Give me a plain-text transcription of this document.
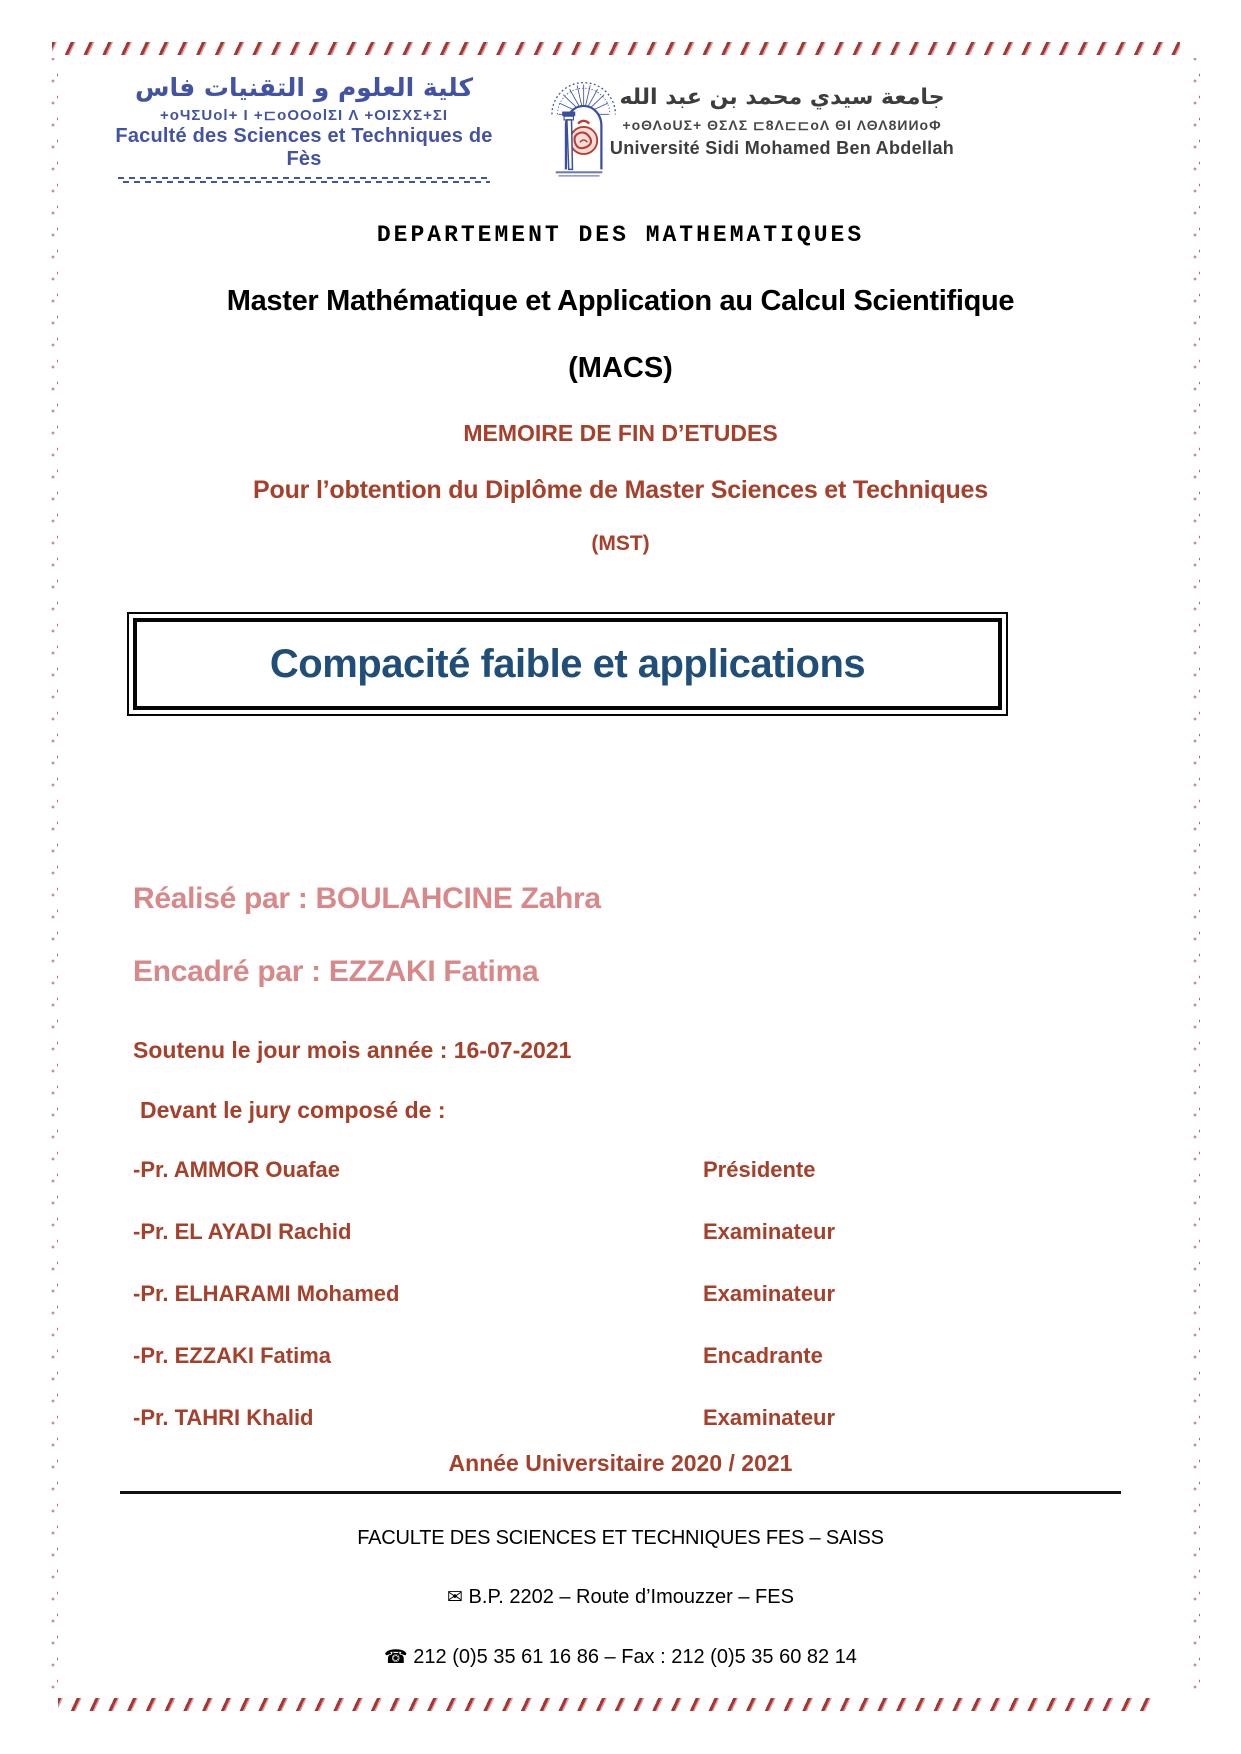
كلية العلوم و التقنيات فاس
+oЧΣUol+ I +⊏oOOolΣI Λ +OIΣXΣ+ΣI
Faculté des Sciences et Techniques de Fès
جامعة سيدي محمد بن عبد الله
+oΘΛoUΣ+ ΘΣΛΣ ⊏8Λ⊏⊏oΛ ΘI ΛΘΛ8ИИoΦ
Université Sidi Mohamed Ben Abdellah
DEPARTEMENT DES MATHEMATIQUES
Master Mathématique et Application au Calcul Scientifique
(MACS)
MEMOIRE DE FIN D’ETUDES
Pour l’obtention du Diplôme de Master Sciences et Techniques
(MST)
Compacité faible et applications
Réalisé par : BOULAHCINE Zahra
Encadré par : EZZAKI Fatima
Soutenu le jour mois année : 16-07-2021
Devant le jury composé de :
-Pr. AMMOR Ouafae	Présidente
-Pr. EL AYADI Rachid	Examinateur
-Pr. ELHARAMI Mohamed	Examinateur
-Pr. EZZAKI Fatima	Encadrante
-Pr. TAHRI Khalid	Examinateur
Année Universitaire 2020 / 2021
FACULTE DES SCIENCES ET TECHNIQUES FES – SAISS
✉ B.P. 2202 – Route d’Imouzzer – FES
☎ 212 (0)5 35 61 16 86 – Fax : 212 (0)5 35 60 82 14
